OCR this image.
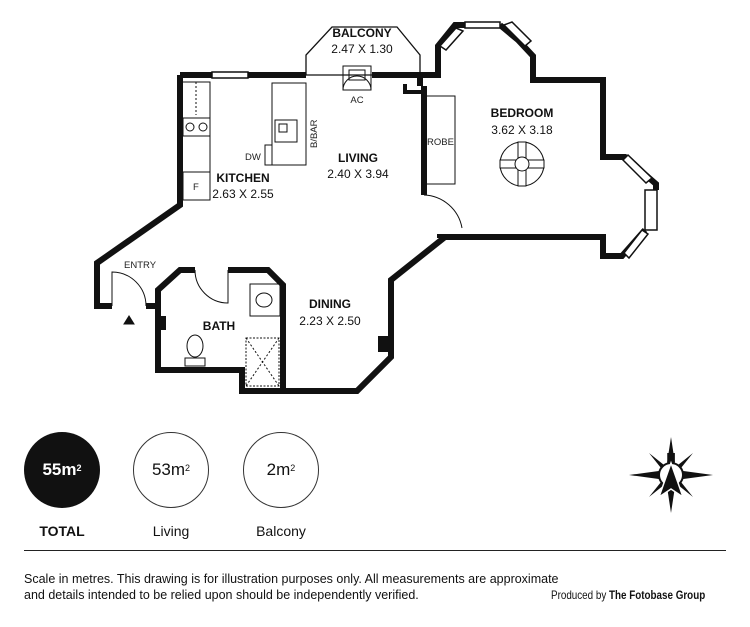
BALCONY
2.47 X 1.30
BEDROOM
3.62 X 3.18
LIVING
2.40 X 3.94
KITCHEN
2.63 X 2.55
DINING
2.23 X 2.50
BATH
AC
B/BAR
DW
F
ROBE
ENTRY
N
$55m^2$	$53m^2$	$2m^2$
TOTAL	Living	Balcony
Scale in metres. This drawing is for illustration purposes only. All measurements are approximate and details intended to be relied upon should be independently verified.	Produced by The Fotobase Group
